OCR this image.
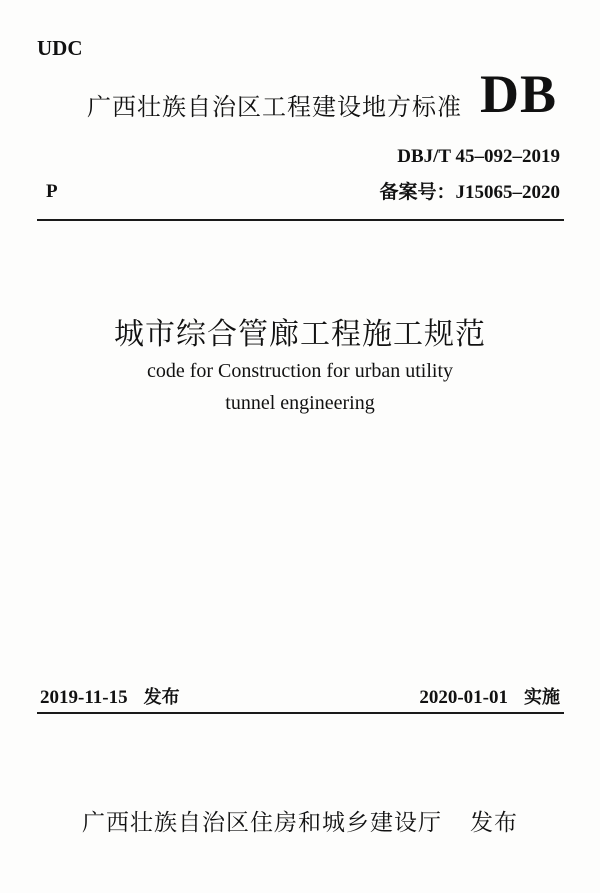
UDC
广西壮族自治区工程建设地方标准 DB
DBJ/T 45–092–2019
P	备案号：J15065–2020
城市综合管廊工程施工规范
code for Construction for urban utility
tunnel engineering
2019-11-15 发布	2020-01-01 实施
广西壮族自治区住房和城乡建设厅 发布
